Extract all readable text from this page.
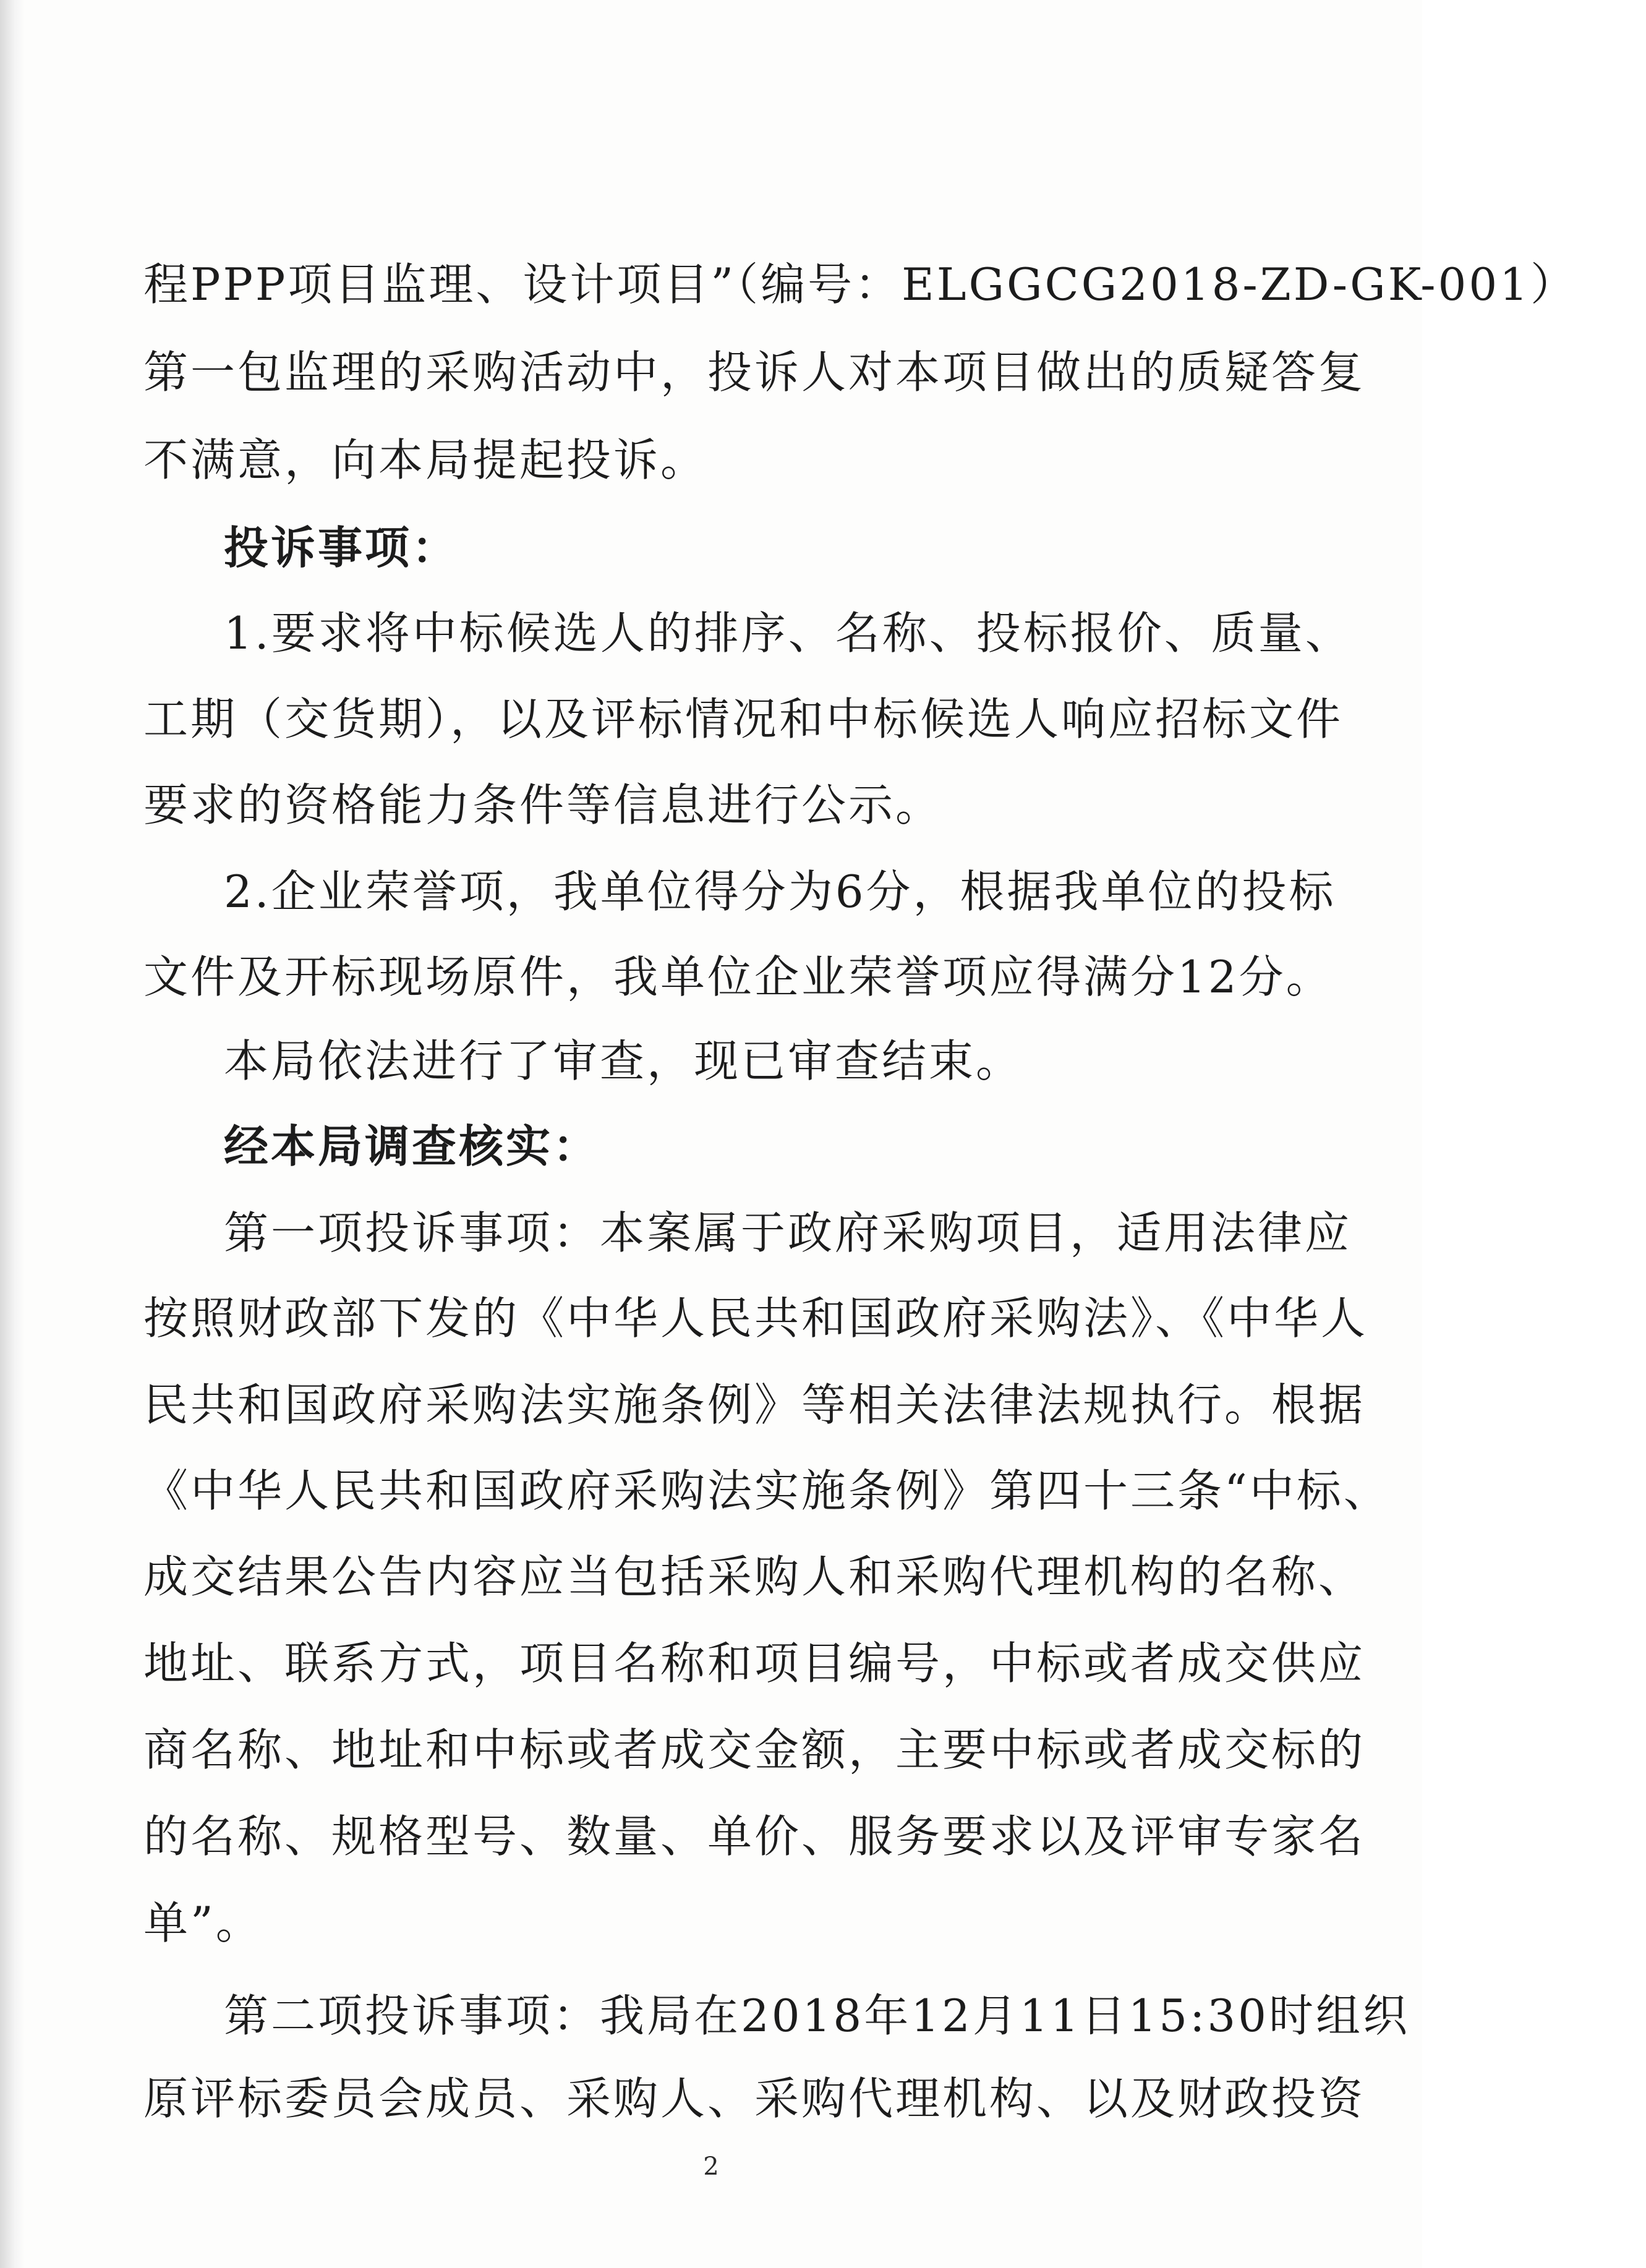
程PPP项目监理、设计项目”（编号：ELGGCG2018-ZD-GK-001）
第一包监理的采购活动中，投诉人对本项目做出的质疑答复
不满意，向本局提起投诉。
投诉事项：
1.要求将中标候选人的排序、名称、投标报价、质量、
工期（交货期），以及评标情况和中标候选人响应招标文件
要求的资格能力条件等信息进行公示。
2.企业荣誉项，我单位得分为6分，根据我单位的投标
文件及开标现场原件，我单位企业荣誉项应得满分12分。
本局依法进行了审查，现已审查结束。
经本局调查核实：
第一项投诉事项：本案属于政府采购项目，适用法律应
按照财政部下发的《中华人民共和国政府采购法》、《中华人
民共和国政府采购法实施条例》等相关法律法规执行。根据
《中华人民共和国政府采购法实施条例》第四十三条“中标、
成交结果公告内容应当包括采购人和采购代理机构的名称、
地址、联系方式，项目名称和项目编号，中标或者成交供应
商名称、地址和中标或者成交金额，主要中标或者成交标的
的名称、规格型号、数量、单价、服务要求以及评审专家名
单”。
第二项投诉事项：我局在2018年12月11日15:30时组织
原评标委员会成员、采购人、采购代理机构、以及财政投资
2
